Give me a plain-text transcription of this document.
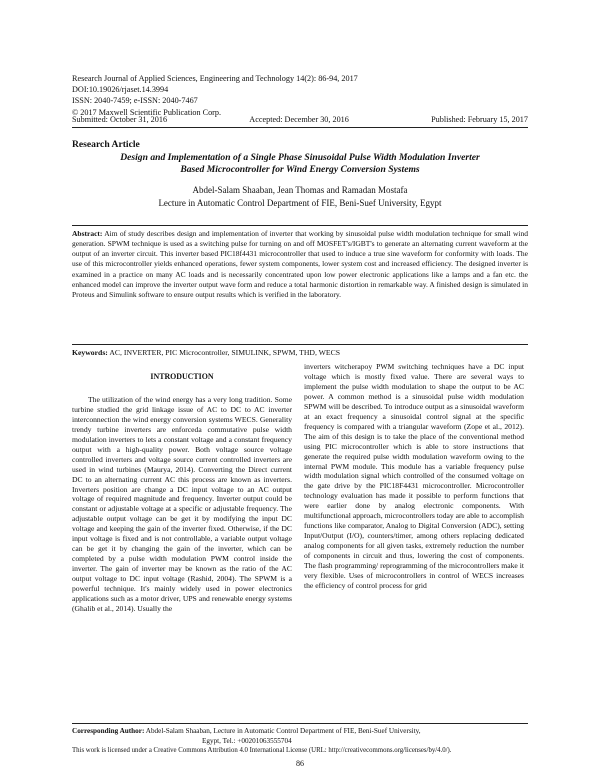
Research Journal of Applied Sciences, Engineering and Technology 14(2): 86-94, 2017
DOI:10.19026/rjaset.14.3994
ISSN: 2040-7459; e-ISSN: 2040-7467
© 2017 Maxwell Scientific Publication Corp.
Submitted: October 31, 2016	Accepted: December 30, 2016	Published: February 15, 2017
Research Article
Design and Implementation of a Single Phase Sinusoidal Pulse Width Modulation Inverter
Based Microcontroller for Wind Energy Conversion Systems
Abdel-Salam Shaaban, Jean Thomas and Ramadan Mostafa
Lecture in Automatic Control Department of FIE, Beni-Suef University, Egypt
Abstract: Aim of study describes design and implementation of inverter that working by sinusoidal pulse width modulation technique for small wind generation. SPWM technique is used as a switching pulse for turning on and off MOSFET's/IGBT's to generate an alternating current waveform at the output of an inverter circuit. This inverter based PIC18f4431 microcontroller that used to induce a true sine waveform for conformity with loads. The use of this microcontroller yields enhanced operations, fewer system components, lower system cost and increased efficiency. The designed inverter is examined in a practice on many AC loads and is necessarily concentrated upon low power electronic applications like a lamps and a fan etc. the enhanced model can improve the inverter output wave form and reduce a total harmonic distortion in remarkable way. A finished design is simulated in Proteus and Simulink software to ensure output results which is verified in the laboratory.
Keywords: AC, INVERTER, PIC Microcontroller, SIMULINK, SPWM, THD, WECS
INTRODUCTION

The utilization of the wind energy has a very long tradition. Some turbine studied the grid linkage issue of AC to DC to AC inverter interconnection the wind energy conversion systems WECS. Generality trendy turbine inverters are enforceda commutative pulse width modulation inverters to lets a constant voltage and a constant frequency output with a high-quality power. Both voltage source voltage controlled inverters and voltage source current controlled inverters are used in wind turbines (Maurya, 2014). Converting the Direct current DC to an alternating current AC this process are known as inverters. Inverters position are change a DC input voltage to an AC output voltage of required magnitude and frequency. Inverter output could be constant or adjustable voltage at a specific or adjustable frequency. The adjustable output voltage can be get it by modifying the input DC voltage and keeping the gain of the inverter fixed. Otherwise, if the DC input voltage is fixed and is not controllable, a variable output voltage can be get it by changing the gain of the inverter, which can be completed by a pulse width modulation PWM control inside the inverter. The gain of inverter may be known as the ratio of the AC output voltage to DC input voltage (Rashid, 2004). The SPWM is a powerful technique. It's mainly widely used in power electronics applications such as a motor driver, UPS and renewable energy systems (Ghalib et al., 2014). Usually the

inverters witcherapoy PWM switching techniques have a DC input voltage which is mostly fixed value. There are several ways to implement the pulse width modulation to shape the output to be AC power. A common method is a sinusoidal pulse width modulation SPWM will be described. To introduce output as a sinusoidal waveform at an exact frequency a sinusoidal control signal at the specific frequency is compared with a triangular waveform (Zope et al., 2012). The aim of this design is to take the place of the conventional method using PIC microcontroller which is able to store instructions that generate the required pulse width modulation waveform owing to the internal PWM module. This module has a variable frequency pulse width modulation signal which controlled of the consumed voltage on the gate drive by the PIC18F4431 microcontroller. Microcontroller technology evaluation has made it possible to perform functions that were earlier done by analog electronic components. With multifunctional approach, microcontrollers today are able to accomplish functions like comparator, Analog to Digital Conversion (ADC), setting Input/Output (I/O), counters/timer, among others replacing dedicated analog components for all given tasks, extremely reduction the number of components in circuit and thus, lowering the cost of components. The flash programming/ reprogramming of the microcontrollers make it very flexible. Uses of microcontrollers in control of WECS increases the efficiency of control process for grid

Corresponding Author: Abdel-Salam Shaaban, Lecture in Automatic Control Department of FIE, Beni-Suef University,
Egypt, Tel.: +00201063555704
This work is licensed under a Creative Commons Attribution 4.0 International License (URL: http://creativecommons.org/licenses/by/4.0/).
86
